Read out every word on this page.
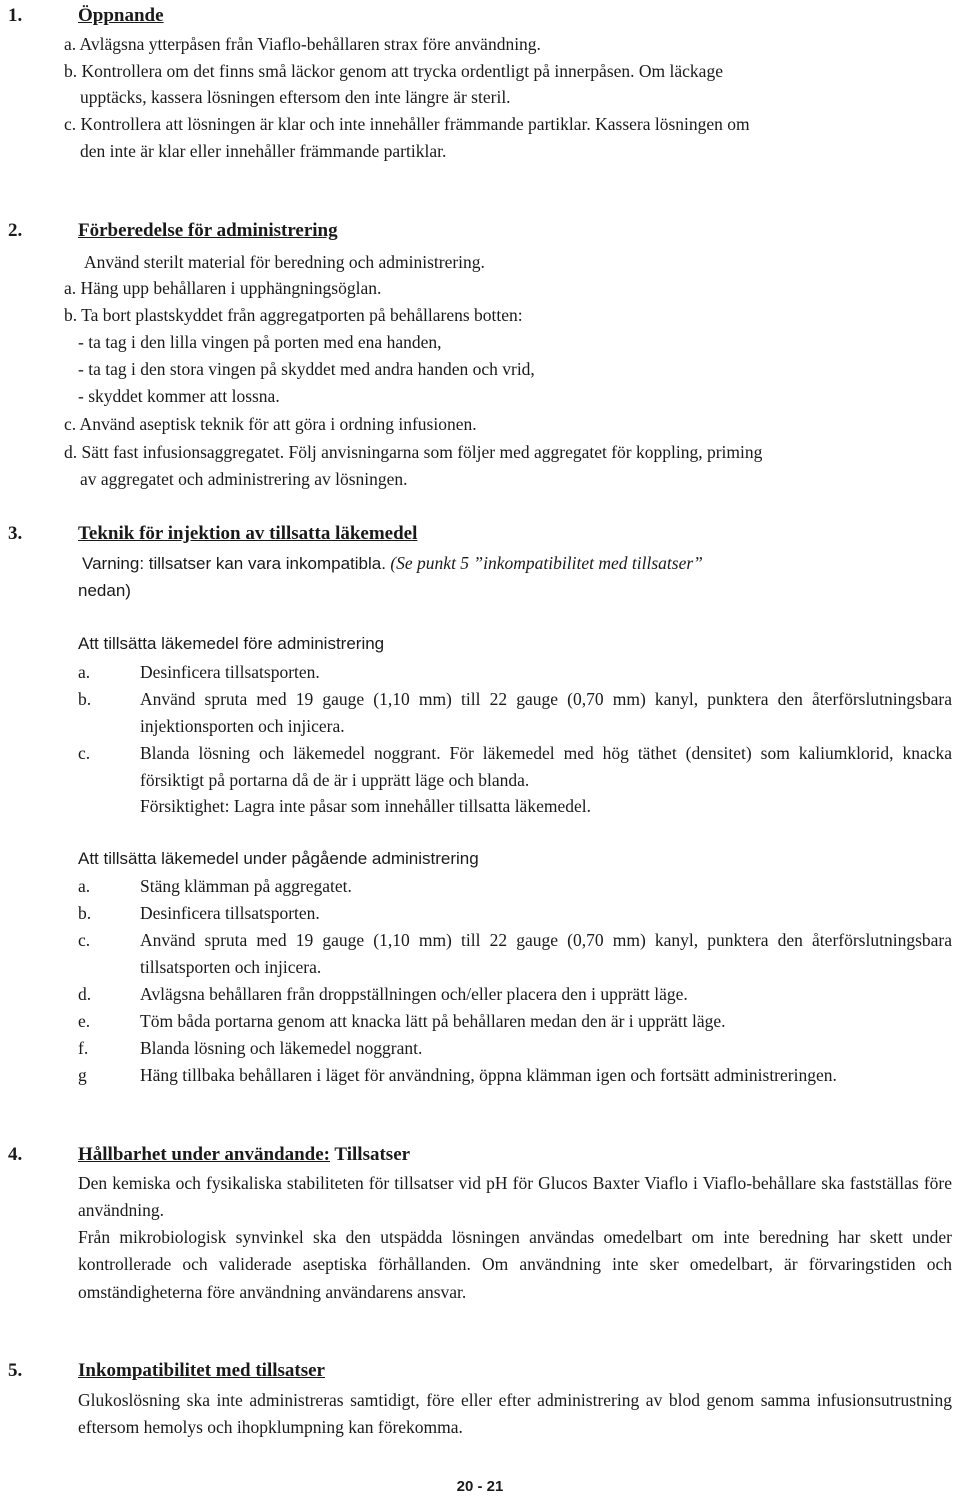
1.	Öppnande
a. Avlägsna ytterpåsen från Viaflo-behållaren strax före användning.
b. Kontrollera om det finns små läckor genom att trycka ordentligt på innerpåsen. Om läckage
upptäcks, kassera lösningen eftersom den inte längre är steril.
c. Kontrollera att lösningen är klar och inte innehåller främmande partiklar. Kassera lösningen om
den inte är klar eller innehåller främmande partiklar.
2.	Förberedelse för administrering
Använd sterilt material för beredning och administrering.
a. Häng upp behållaren i upphängningsöglan.
b. Ta bort plastskyddet från aggregatporten på behållarens botten:
- ta tag i den lilla vingen på porten med ena handen,
- ta tag i den stora vingen på skyddet med andra handen och vrid,
- skyddet kommer att lossna.
c. Använd aseptisk teknik för att göra i ordning infusionen.
d. Sätt fast infusionsaggregatet. Följ anvisningarna som följer med aggregatet för koppling, priming
av aggregatet och administrering av lösningen.
3.	Teknik för injektion av tillsatta läkemedel
Varning: tillsatser kan vara inkompatibla. (Se punkt 5 ”inkompatibilitet med tillsatser”
nedan)
Att tillsätta läkemedel före administrering
a.	Desinficera tillsatsporten.
b.	Använd spruta med 19 gauge (1,10 mm) till 22 gauge (0,70 mm) kanyl, punktera den återförslutningsbara injektionsporten och injicera.
c.	Blanda lösning och läkemedel noggrant. För läkemedel med hög täthet (densitet) som kaliumklorid, knacka försiktigt på portarna då de är i upprätt läge och blanda.
Försiktighet: Lagra inte påsar som innehåller tillsatta läkemedel.
Att tillsätta läkemedel under pågående administrering
a.	Stäng klämman på aggregatet.
b.	Desinficera tillsatsporten.
c.	Använd spruta med 19 gauge (1,10 mm) till 22 gauge (0,70 mm) kanyl, punktera den återförslutningsbara tillsatsporten och injicera.
d.	Avlägsna behållaren från droppställningen och/eller placera den i upprätt läge.
e.	Töm båda portarna genom att knacka lätt på behållaren medan den är i upprätt läge.
f.	Blanda lösning och läkemedel noggrant.
g	Häng tillbaka behållaren i läget för användning, öppna klämman igen och fortsätt administreringen.
4.	Hållbarhet under användande: Tillsatser
Den kemiska och fysikaliska stabiliteten för tillsatser vid pH för Glucos Baxter Viaflo i Viaflo-behållare ska fastställas före användning.
Från mikrobiologisk synvinkel ska den utspädda lösningen användas omedelbart om inte beredning har skett under kontrollerade och validerade aseptiska förhållanden. Om användning inte sker omedelbart, är förvaringstiden och omständigheterna före användning användarens ansvar.
5.	Inkompatibilitet med tillsatser
Glukoslösning ska inte administreras samtidigt, före eller efter administrering av blod genom samma infusionsutrustning eftersom hemolys och ihopklumpning kan förekomma.
20 - 21
